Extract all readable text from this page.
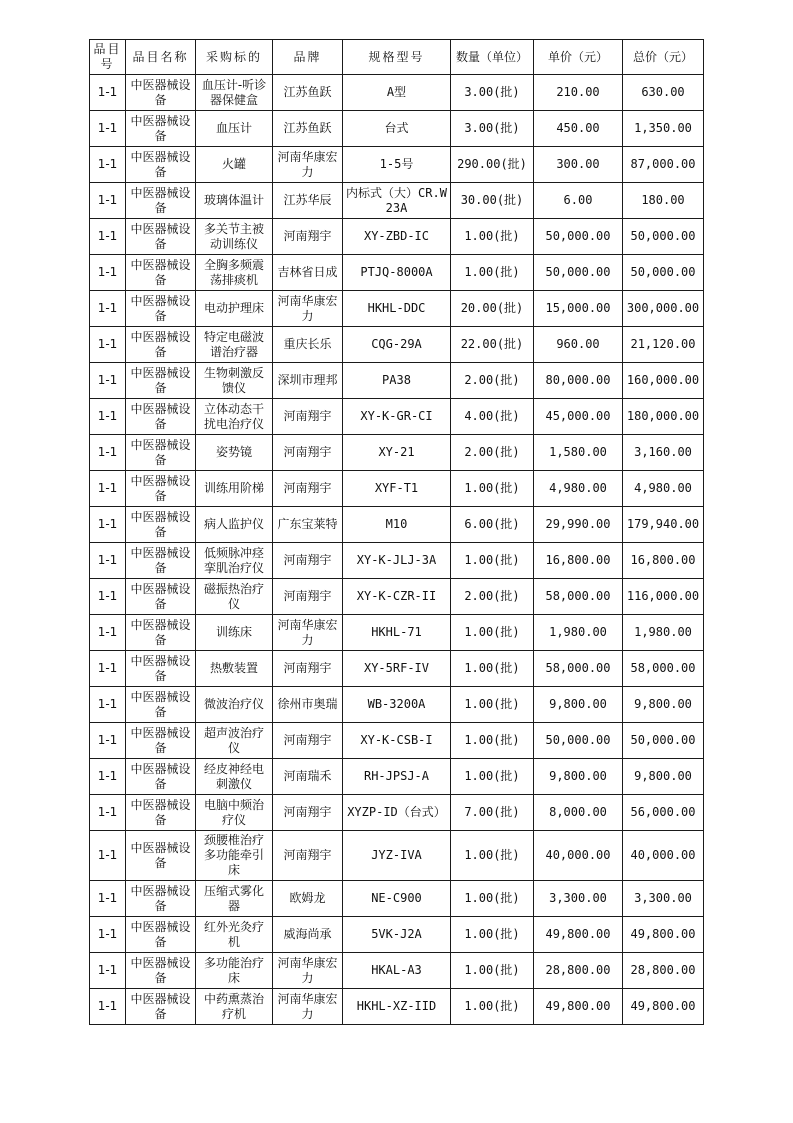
品目号	品目名称	采购标的	品牌	规格型号	数量（单位）	单价（元）	总价（元）
1-1	中医器械设备	血压计-听诊器保健盒	江苏鱼跃	A型	3.00(批)	210.00	630.00
1-1	中医器械设备	血压计	江苏鱼跃	台式	3.00(批)	450.00	1,350.00
1-1	中医器械设备	火罐	河南华康宏力	1-5号	290.00(批)	300.00	87,000.00
1-1	中医器械设备	玻璃体温计	江苏华辰	内标式（大）CR.W23A	30.00(批)	6.00	180.00
1-1	中医器械设备	多关节主被动训练仪	河南翔宇	XY-ZBD-IC	1.00(批)	50,000.00	50,000.00
1-1	中医器械设备	全胸多频震荡排痰机	吉林省日成	PTJQ-8000A	1.00(批)	50,000.00	50,000.00
1-1	中医器械设备	电动护理床	河南华康宏力	HKHL-DDC	20.00(批)	15,000.00	300,000.00
1-1	中医器械设备	特定电磁波谱治疗器	重庆长乐	CQG-29A	22.00(批)	960.00	21,120.00
1-1	中医器械设备	生物刺激反馈仪	深圳市理邦	PA38	2.00(批)	80,000.00	160,000.00
1-1	中医器械设备	立体动态干扰电治疗仪	河南翔宇	XY-K-GR-CI	4.00(批)	45,000.00	180,000.00
1-1	中医器械设备	姿势镜	河南翔宇	XY-21	2.00(批)	1,580.00	3,160.00
1-1	中医器械设备	训练用阶梯	河南翔宇	XYF-T1	1.00(批)	4,980.00	4,980.00
1-1	中医器械设备	病人监护仪	广东宝莱特	M10	6.00(批)	29,990.00	179,940.00
1-1	中医器械设备	低频脉冲痉挛肌治疗仪	河南翔宇	XY-K-JLJ-3A	1.00(批)	16,800.00	16,800.00
1-1	中医器械设备	磁振热治疗仪	河南翔宇	XY-K-CZR-II	2.00(批)	58,000.00	116,000.00
1-1	中医器械设备	训练床	河南华康宏力	HKHL-71	1.00(批)	1,980.00	1,980.00
1-1	中医器械设备	热敷装置	河南翔宇	XY-5RF-IV	1.00(批)	58,000.00	58,000.00
1-1	中医器械设备	微波治疗仪	徐州市奥瑞	WB-3200A	1.00(批)	9,800.00	9,800.00
1-1	中医器械设备	超声波治疗仪	河南翔宇	XY-K-CSB-I	1.00(批)	50,000.00	50,000.00
1-1	中医器械设备	经皮神经电刺激仪	河南瑞禾	RH-JPSJ-A	1.00(批)	9,800.00	9,800.00
1-1	中医器械设备	电脑中频治疗仪	河南翔宇	XYZP-ID（台式）	7.00(批)	8,000.00	56,000.00
1-1	中医器械设备	颈腰椎治疗多功能牵引床	河南翔宇	JYZ-IVA	1.00(批)	40,000.00	40,000.00
1-1	中医器械设备	压缩式雾化器	欧姆龙	NE-C900	1.00(批)	3,300.00	3,300.00
1-1	中医器械设备	红外光灸疗机	威海尚承	5VK-J2A	1.00(批)	49,800.00	49,800.00
1-1	中医器械设备	多功能治疗床	河南华康宏力	HKAL-A3	1.00(批)	28,800.00	28,800.00
1-1	中医器械设备	中药熏蒸治疗机	河南华康宏力	HKHL-XZ-IID	1.00(批)	49,800.00	49,800.00
